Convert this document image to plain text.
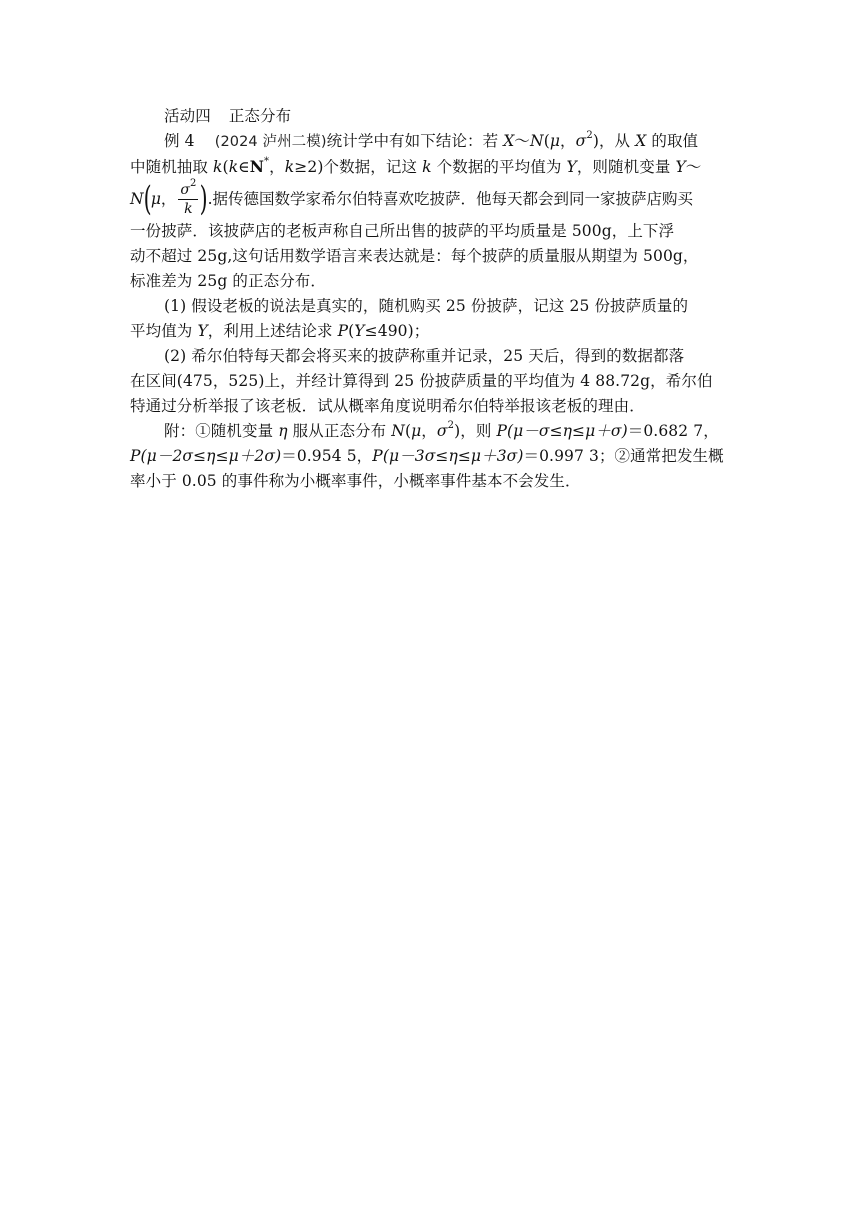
活动四 正态分布
例 4 (2024 泸州二模)统计学中有如下结论：若 X～N(μ，$\sigma^2$)，从 X 的取值
中随机抽取 k(k∈N*，k≥2)个数据，记这 k 个数据的平均值为 Y，则随机变量 Y～
N ( μ ， $\frac{\sigma^2}{k}$ ) .据传德国数学家希尔伯特喜欢吃披萨．他每天都会到同一家披萨店购买
一份披萨．该披萨店的老板声称自己所出售的披萨的平均质量是 500g，上下浮
动不超过 25g,这句话用数学语言来表达就是：每个披萨的质量服从期望为 500g，
标准差为 25g 的正态分布．
(1) 假设老板的说法是真实的，随机购买 25 份披萨，记这 25 份披萨质量的
平均值为 Y，利用上述结论求 P(Y≤490)；
(2) 希尔伯特每天都会将买来的披萨称重并记录，25 天后，得到的数据都落
在区间(475，525)上，并经计算得到 25 份披萨质量的平均值为 4 88.72g，希尔伯
特通过分析举报了该老板．试从概率角度说明希尔伯特举报该老板的理由．
附：①随机变量 η 服从正态分布 N(μ，$\sigma^2$)，则 P(μ－σ≤η≤μ＋σ)＝0.682 7，
P(μ－2σ≤η≤μ＋2σ)＝0.954 5，P(μ－3σ≤η≤μ＋3σ)＝0.997 3；②通常把发生概
率小于 0.05 的事件称为小概率事件，小概率事件基本不会发生．
